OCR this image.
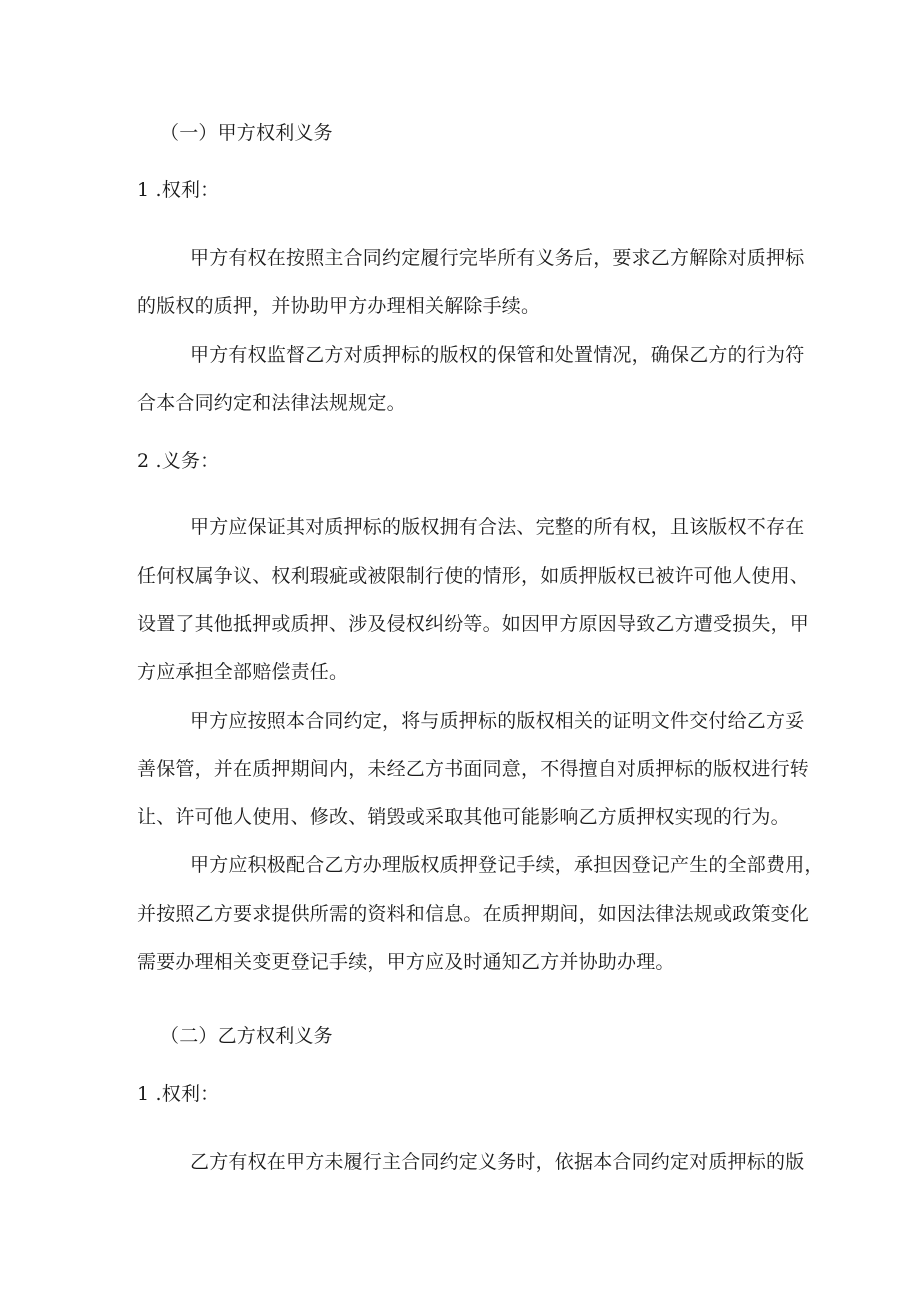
（一）甲方权利义务
1 .权利：
甲方有权在按照主合同约定履行完毕所有义务后，要求乙方解除对质押标
的版权的质押，并协助甲方办理相关解除手续。
甲方有权监督乙方对质押标的版权的保管和处置情况，确保乙方的行为符
合本合同约定和法律法规规定。
2 .义务：
甲方应保证其对质押标的版权拥有合法、完整的所有权，且该版权不存在
任何权属争议、权利瑕疵或被限制行使的情形，如质押版权已被许可他人使用、
设置了其他抵押或质押、涉及侵权纠纷等。如因甲方原因导致乙方遭受损失，甲
方应承担全部赔偿责任。
甲方应按照本合同约定，将与质押标的版权相关的证明文件交付给乙方妥
善保管，并在质押期间内，未经乙方书面同意，不得擅自对质押标的版权进行转
让、许可他人使用、修改、销毁或采取其他可能影响乙方质押权实现的行为。
甲方应积极配合乙方办理版权质押登记手续，承担因登记产生的全部费用，
并按照乙方要求提供所需的资料和信息。在质押期间，如因法律法规或政策变化
需要办理相关变更登记手续，甲方应及时通知乙方并协助办理。
（二）乙方权利义务
1 .权利：
乙方有权在甲方未履行主合同约定义务时，依据本合同约定对质押标的版
